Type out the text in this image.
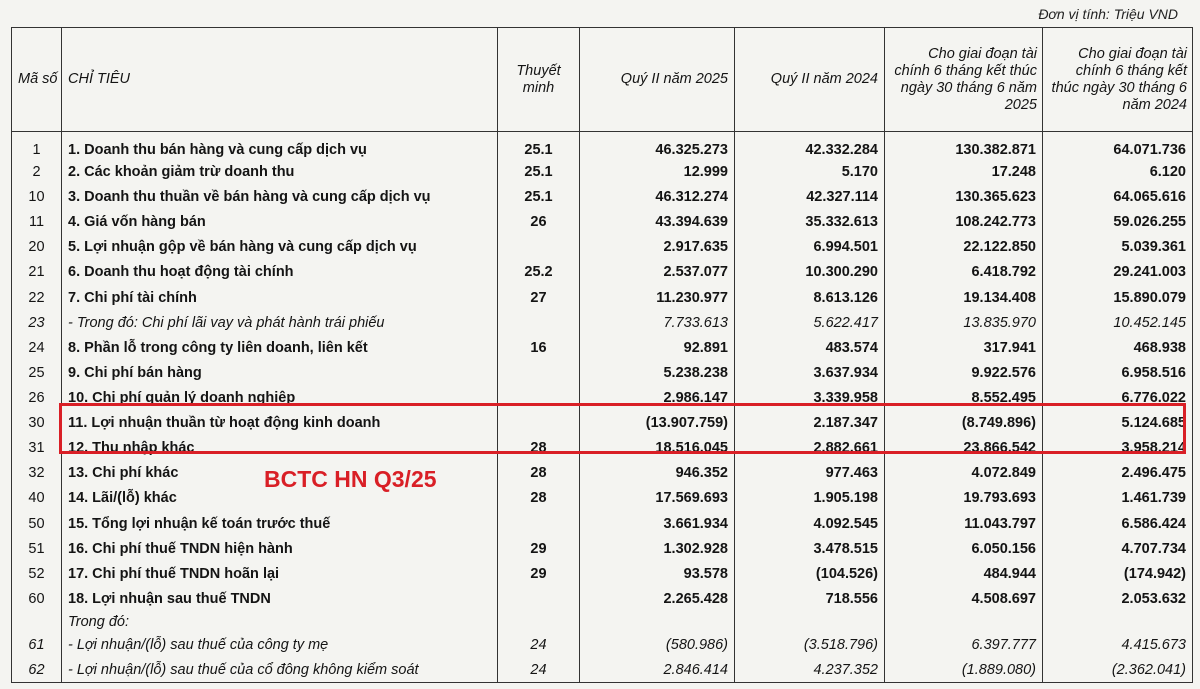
Đơn vị tính: Triệu VND
Mã số	CHỈ TIÊU	Thuyết minh	Quý II năm 2025	Quý II năm 2024	Cho giai đoạn tài chính 6 tháng kết thúc ngày 30 tháng 6 năm 2025	Cho giai đoạn tài chính 6 tháng kết thúc ngày 30 tháng 6 năm 2024
1	1. Doanh thu bán hàng và cung cấp dịch vụ	25.1	46.325.273	42.332.284	130.382.871	64.071.736
2	2. Các khoản giảm trừ doanh thu	25.1	12.999	5.170	17.248	6.120
10	3. Doanh thu thuần về bán hàng và cung cấp dịch vụ	25.1	46.312.274	42.327.114	130.365.623	64.065.616
11	4. Giá vốn hàng bán	26	43.394.639	35.332.613	108.242.773	59.026.255
20	5. Lợi nhuận gộp về bán hàng và cung cấp dịch vụ		2.917.635	6.994.501	22.122.850	5.039.361
21	6. Doanh thu hoạt động tài chính	25.2	2.537.077	10.300.290	6.418.792	29.241.003
22	7. Chi phí tài chính	27	11.230.977	8.613.126	19.134.408	15.890.079
23	- Trong đó: Chi phí lãi vay và phát hành trái phiếu		7.733.613	5.622.417	13.835.970	10.452.145
24	8. Phần lỗ trong công ty liên doanh, liên kết	16	92.891	483.574	317.941	468.938
25	9. Chi phí bán hàng		5.238.238	3.637.934	9.922.576	6.958.516
26	10. Chi phí quản lý doanh nghiệp		2.986.147	3.339.958	8.552.495	6.776.022
30	11. Lợi nhuận thuần từ hoạt động kinh doanh		(13.907.759)	2.187.347	(8.749.896)	5.124.685
31	12. Thu nhập khác	28	18.516.045	2.882.661	23.866.542	3.958.214
32	13. Chi phí khác	28	946.352	977.463	4.072.849	2.496.475
40	14. Lãi/(lỗ) khác	28	17.569.693	1.905.198	19.793.693	1.461.739
50	15. Tổng lợi nhuận kế toán trước thuế		3.661.934	4.092.545	11.043.797	6.586.424
51	16. Chi phí thuế TNDN hiện hành	29	1.302.928	3.478.515	6.050.156	4.707.734
52	17. Chi phí thuế TNDN hoãn lại	29	93.578	(104.526)	484.944	(174.942)
60	18. Lợi nhuận sau thuế TNDN		2.265.428	718.556	4.508.697	2.053.632
	Trong đó:					
61	- Lợi nhuận/(lỗ) sau thuế của công ty mẹ	24	(580.986)	(3.518.796)	6.397.777	4.415.673
62	- Lợi nhuận/(lỗ) sau thuế của cổ đông không kiểm soát	24	2.846.414	4.237.352	(1.889.080)	(2.362.041)
BCTC HN Q3/25
